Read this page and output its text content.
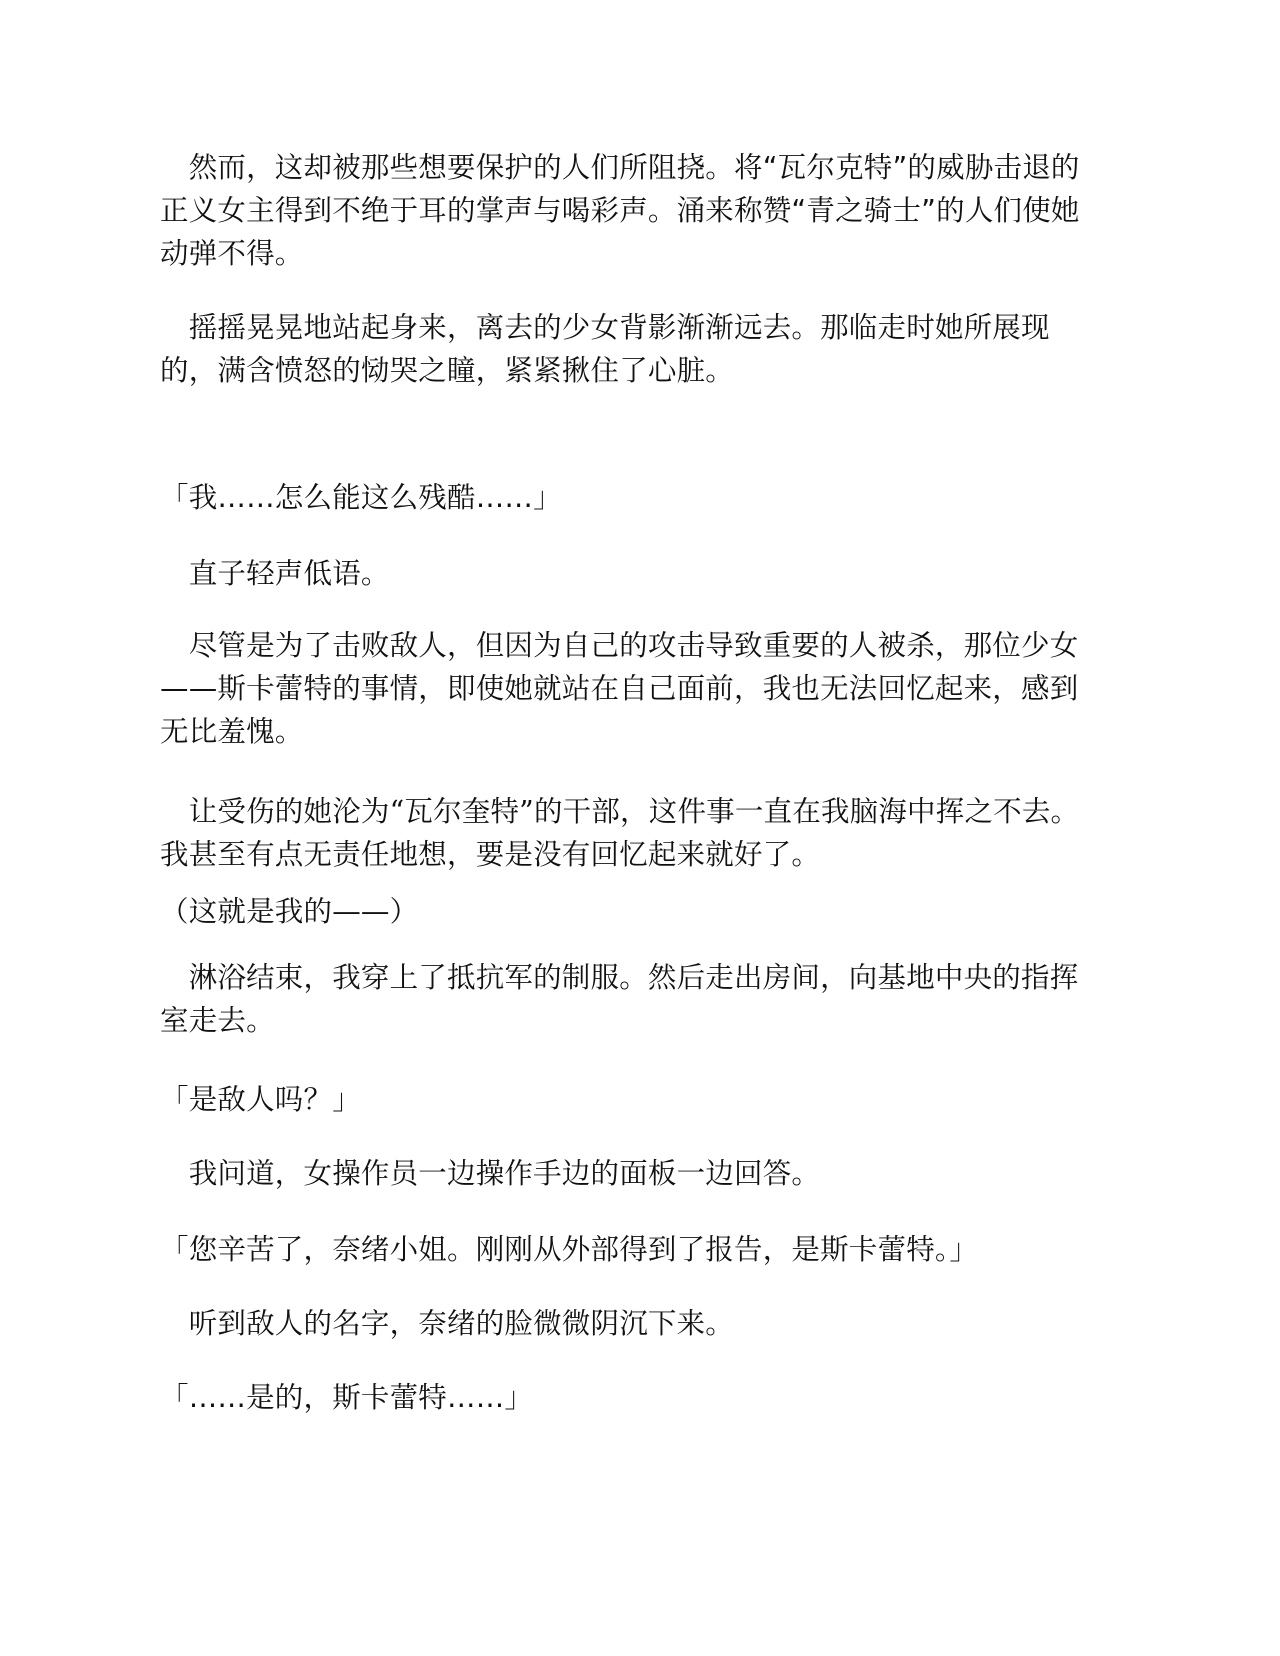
　然而，这却被那些想要保护的人们所阻挠。将“瓦尔克特”的威胁击退的正义女主得到不绝于耳的掌声与喝彩声。涌来称赞“青之骑士”的人们使她动弹不得。

　摇摇晃晃地站起身来，离去的少女背影渐渐远去。那临走时她所展现的，满含愤怒的恸哭之瞳，紧紧揪住了心脏。

「我……怎么能这么残酷……」

　直子轻声低语。

　尽管是为了击败敌人，但因为自己的攻击导致重要的人被杀，那位少女——斯卡蕾特的事情，即使她就站在自己面前，我也无法回忆起来，感到无比羞愧。

　让受伤的她沦为“瓦尔奎特”的干部，这件事一直在我脑海中挥之不去。我甚至有点无责任地想，要是没有回忆起来就好了。

（这就是我的——）

　淋浴结束，我穿上了抵抗军的制服。然后走出房间，向基地中央的指挥室走去。

「是敌人吗？」

　我问道，女操作员一边操作手边的面板一边回答。

「您辛苦了，奈绪小姐。刚刚从外部得到了报告，是斯卡蕾特。」

　听到敌人的名字，奈绪的脸微微阴沉下来。

「……是的，斯卡蕾特……」
